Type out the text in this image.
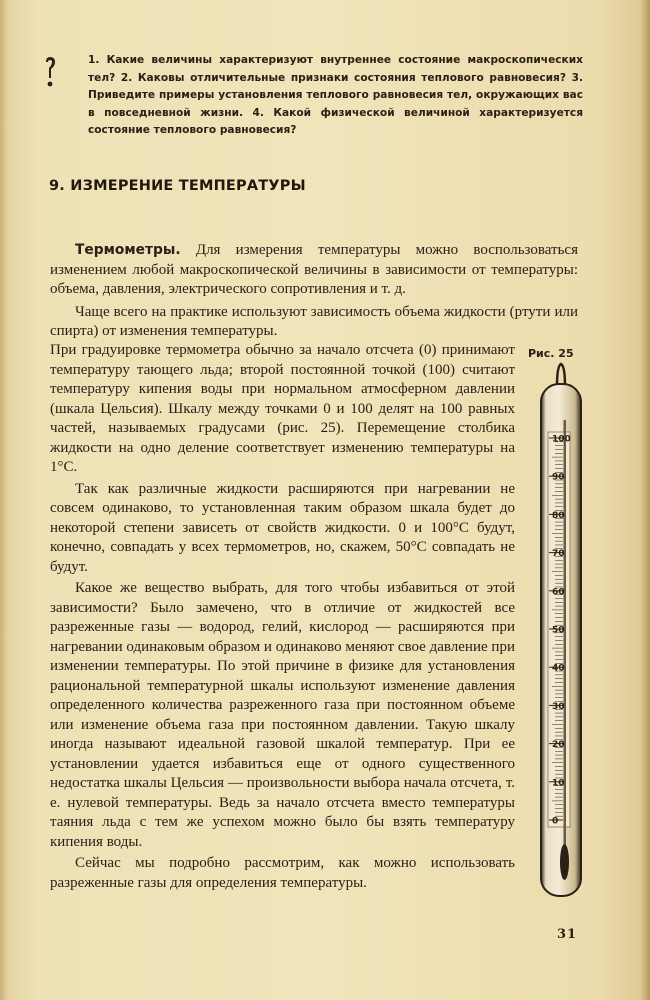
1. Какие величины характеризуют внутреннее состояние макроскопических тел? 2. Каковы отличительные признаки состояния теплового равновесия? 3. Приведите примеры установления теплового равновесия тел, окружающих вас в повседневной жизни. 4. Какой физической величиной характеризуется состояние теплового равновесия?

9. ИЗМЕРЕНИЕ ТЕМПЕРАТУРЫ

Термометры. Для измерения температуры можно воспользоваться изменением любой макроскопической величины в зависимости от температуры: объема, давления, электрического сопротивления и т. д.

Чаще всего на практике используют зависимость объема жидкости (ртути или спирта) от изменения температуры.

При градуировке термометра обычно за начало отсчета (0) принимают температуру тающего льда; второй постоянной точкой (100) считают температуру кипения воды при нормальном атмосферном давлении (шкала Цельсия). Шкалу между точками 0 и 100 делят на 100 равных частей, называемых градусами (рис. 25). Перемещение столбика жидкости на одно деление соответствует изменению температуры на 1°С.

Так как различные жидкости расширяются при нагревании не совсем одинаково, то установленная таким образом шкала будет до некоторой степени зависеть от свойств жидкости. 0 и 100°С будут, конечно, совпадать у всех термометров, но, скажем, 50°С совпадать не будут.

Какое же вещество выбрать, для того чтобы избавиться от этой зависимости? Было замечено, что в отличие от жидкостей все разреженные газы — водород, гелий, кислород — расширяются при нагревании одинаковым образом и одинаково меняют свое давление при изменении температуры. По этой причине в физике для установления рациональной температурной шкалы используют изменение давления определенного количества разреженного газа при постоянном объеме или изменение объема газа при постоянном давлении. Такую шкалу иногда называют идеальной газовой шкалой температур. При ее установлении удается избавиться еще от одного существенного недостатка шкалы Цельсия — произвольности выбора начала отсчета, т. е. нулевой температуры. Ведь за начало отсчета вместо температуры таяния льда с тем же успехом можно было бы взять температуру кипения воды.

Сейчас мы подробно рассмотрим, как можно использовать разреженные газы для определения температуры.

Рис. 25
100
90
80
70
60
50
40
30
20
10
0
31
